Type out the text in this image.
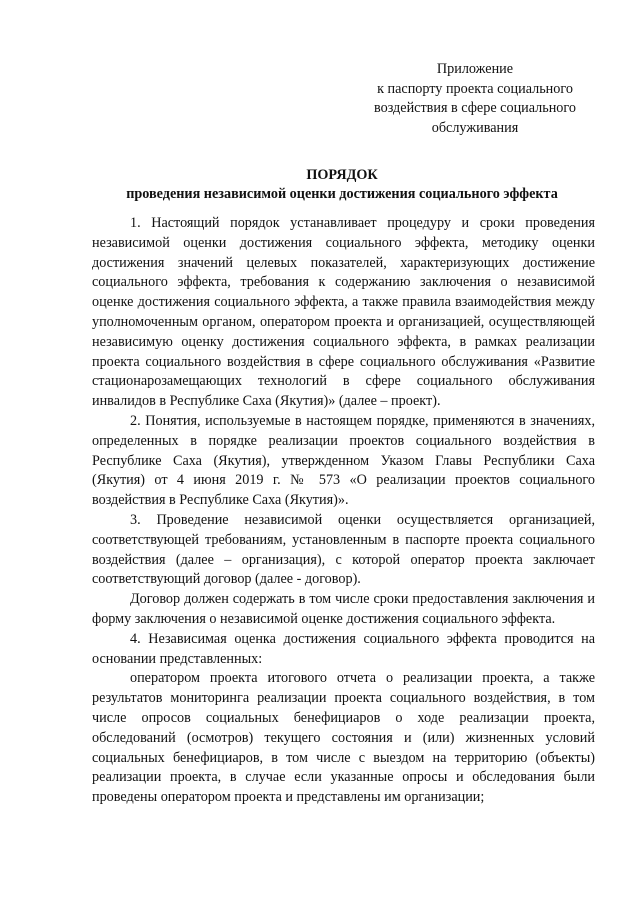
Приложение
к паспорту проекта социального
воздействия в сфере социального
обслуживания
ПОРЯДОК
проведения независимой оценки достижения социального эффекта

1. Настоящий порядок устанавливает процедуру и сроки проведения независимой оценки достижения социального эффекта, методику оценки достижения значений целевых показателей, характеризующих достижение социального эффекта, требования к содержанию заключения о независимой оценке достижения социального эффекта, а также правила взаимодействия между уполномоченным органом, оператором проекта и организацией, осуществляющей независимую оценку достижения социального эффекта, в рамках реализации проекта социального воздействия в сфере социального обслуживания «Развитие стационарозамещающих технологий в сфере социального обслуживания инвалидов в Республике Саха (Якутия)» (далее – проект).

2. Понятия, используемые в настоящем порядке, применяются в значениях, определенных в порядке реализации проектов социального воздействия в Республике Саха (Якутия), утвержденном Указом Главы Республики Саха (Якутия) от 4 июня 2019 г. № 573 «О реализации проектов социального воздействия в Республике Саха (Якутия)».

3. Проведение независимой оценки осуществляется организацией, соответствующей требованиям, установленным в паспорте проекта социального воздействия (далее – организация), с которой оператор проекта заключает соответствующий договор (далее - договор).

Договор должен содержать в том числе сроки предоставления заключения и форму заключения о независимой оценке достижения социального эффекта.

4. Независимая оценка достижения социального эффекта проводится на основании представленных:

оператором проекта итогового отчета о реализации проекта, а также результатов мониторинга реализации проекта социального воздействия, в том числе опросов социальных бенефициаров о ходе реализации проекта, обследований (осмотров) текущего состояния и (или) жизненных условий социальных бенефициаров, в том числе с выездом на территорию (объекты) реализации проекта, в случае если указанные опросы и обследования были проведены оператором проекта и представлены им организации;
